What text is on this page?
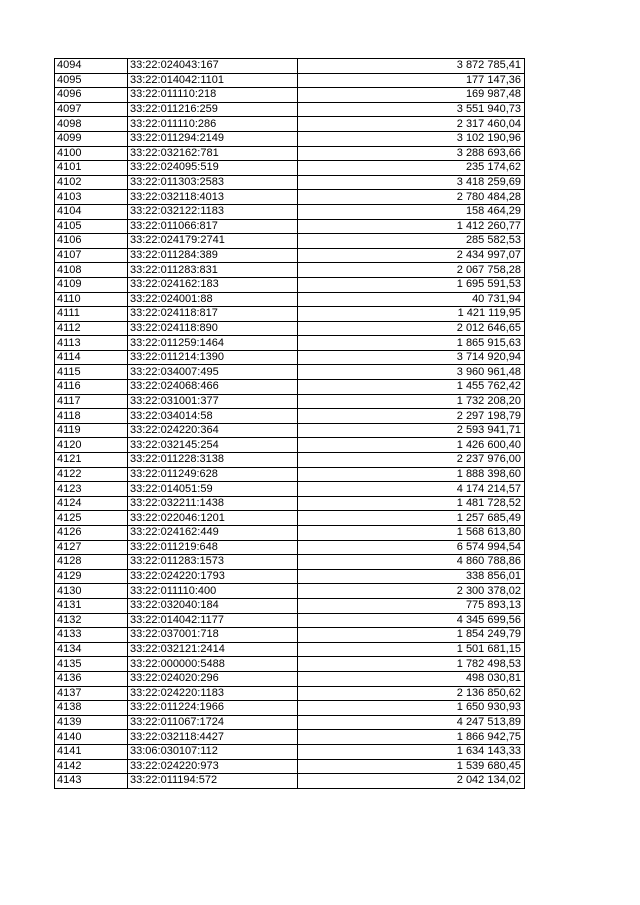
4094	33:22:024043:167	3 872 785,41
4095	33:22:014042:1101	177 147,36
4096	33:22:011110:218	169 987,48
4097	33:22:011216:259	3 551 940,73
4098	33:22:011110:286	2 317 460,04
4099	33:22:011294:2149	3 102 190,96
4100	33:22:032162:781	3 288 693,66
4101	33:22:024095:519	235 174,62
4102	33:22:011303:2583	3 418 259,69
4103	33:22:032118:4013	2 780 484,28
4104	33:22:032122:1183	158 464,29
4105	33:22:011066:817	1 412 260,77
4106	33:22:024179:2741	285 582,53
4107	33:22:011284:389	2 434 997,07
4108	33:22:011283:831	2 067 758,28
4109	33:22:024162:183	1 695 591,53
4110	33:22:024001:88	40 731,94
4111	33:22:024118:817	1 421 119,95
4112	33:22:024118:890	2 012 646,65
4113	33:22:011259:1464	1 865 915,63
4114	33:22:011214:1390	3 714 920,94
4115	33:22:034007:495	3 960 961,48
4116	33:22:024068:466	1 455 762,42
4117	33:22:031001:377	1 732 208,20
4118	33:22:034014:58	2 297 198,79
4119	33:22:024220:364	2 593 941,71
4120	33:22:032145:254	1 426 600,40
4121	33:22:011228:3138	2 237 976,00
4122	33:22:011249:628	1 888 398,60
4123	33:22:014051:59	4 174 214,57
4124	33:22:032211:1438	1 481 728,52
4125	33:22:022046:1201	1 257 685,49
4126	33:22:024162:449	1 568 613,80
4127	33:22:011219:648	6 574 994,54
4128	33:22:011283:1573	4 860 788,86
4129	33:22:024220:1793	338 856,01
4130	33:22:011110:400	2 300 378,02
4131	33:22:032040:184	775 893,13
4132	33:22:014042:1177	4 345 699,56
4133	33:22:037001:718	1 854 249,79
4134	33:22:032121:2414	1 501 681,15
4135	33:22:000000:5488	1 782 498,53
4136	33:22:024020:296	498 030,81
4137	33:22:024220:1183	2 136 850,62
4138	33:22:011224:1966	1 650 930,93
4139	33:22:011067:1724	4 247 513,89
4140	33:22:032118:4427	1 866 942,75
4141	33:06:030107:112	1 634 143,33
4142	33:22:024220:973	1 539 680,45
4143	33:22:011194:572	2 042 134,02
